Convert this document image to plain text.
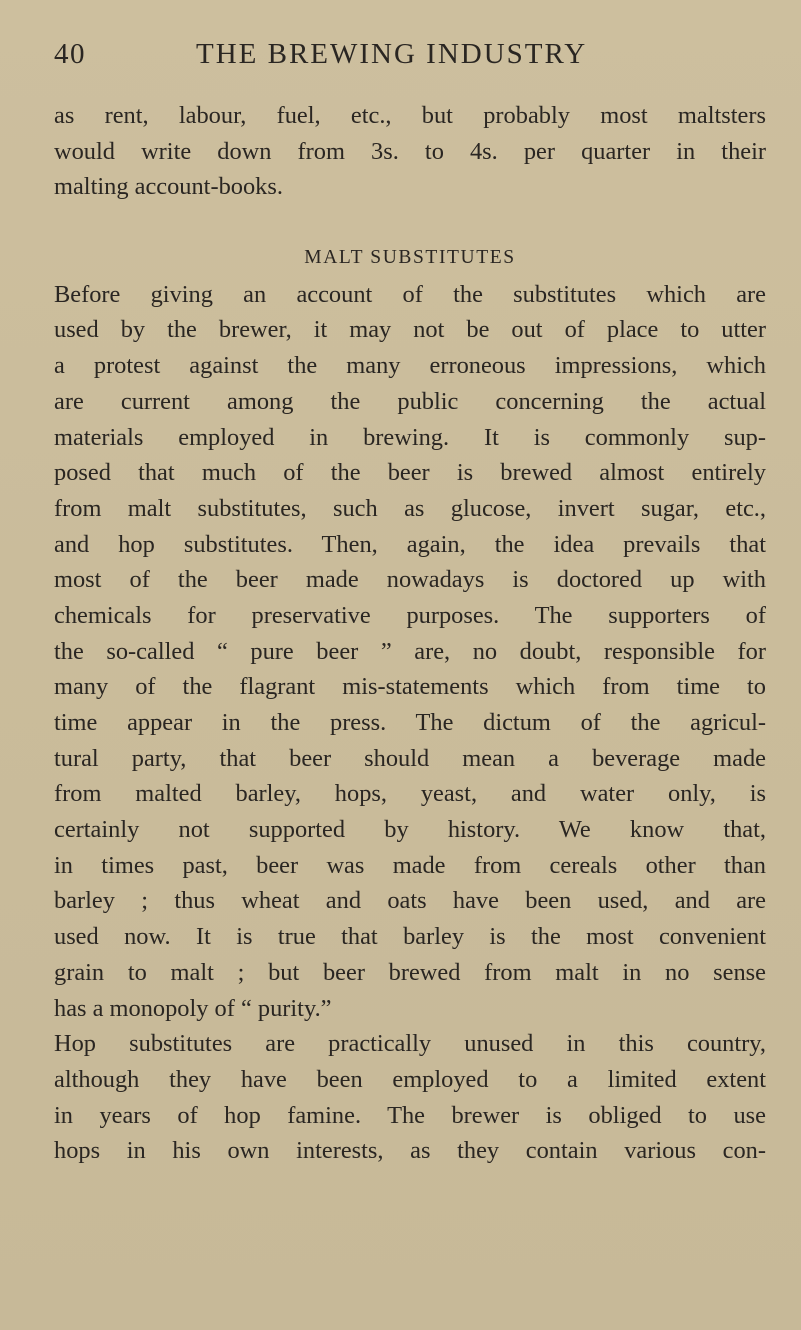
40	THE BREWING INDUSTRY
as rent, labour, fuel, etc., but probably most maltsters
would write down from 3s. to 4s. per quarter in their
malting account-books.
MALT SUBSTITUTES
Before giving an account of the substitutes which are
used by the brewer, it may not be out of place to utter
a protest against the many erroneous impressions, which
are current among the public concerning the actual
materials employed in brewing. It is commonly sup-
posed that much of the beer is brewed almost entirely
from malt substitutes, such as glucose, invert sugar, etc.,
and hop substitutes. Then, again, the idea prevails that
most of the beer made nowadays is doctored up with
chemicals for preservative purposes. The supporters of
the so-called “ pure beer ” are, no doubt, responsible for
many of the flagrant mis-statements which from time to
time appear in the press. The dictum of the agricul-
tural party, that beer should mean a beverage made
from malted barley, hops, yeast, and water only, is
certainly not supported by history. We know that,
in times past, beer was made from cereals other than
barley ; thus wheat and oats have been used, and are
used now. It is true that barley is the most convenient
grain to malt ; but beer brewed from malt in no sense
has a monopoly of “ purity.”
Hop substitutes are practically unused in this country,
although they have been employed to a limited extent
in years of hop famine. The brewer is obliged to use
hops in his own interests, as they contain various con-
